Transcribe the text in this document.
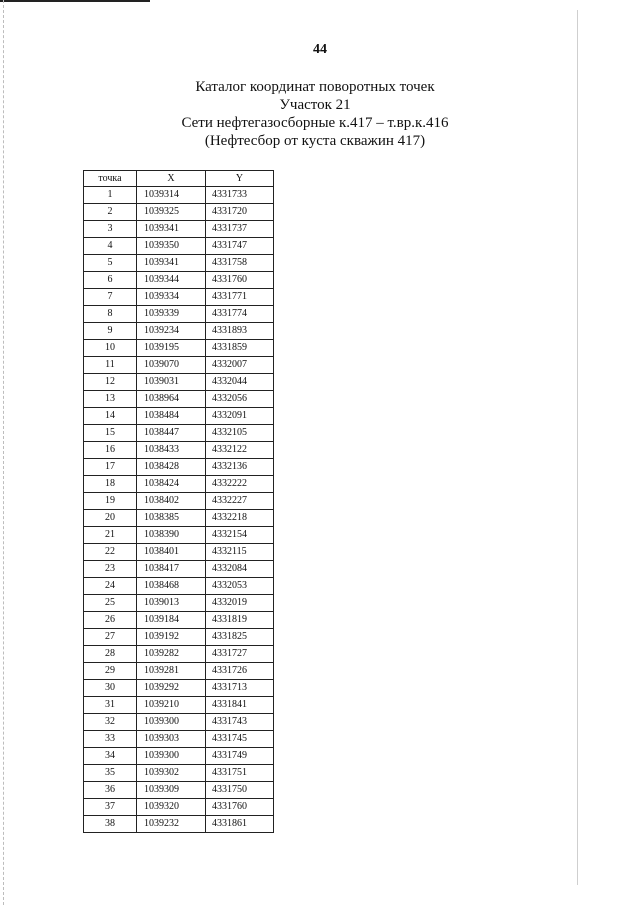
44
Каталог координат поворотных точек
Участок 21
Сети нефтегазосборные к.417 – т.вр.к.416
(Нефтесбор от куста скважин 417)
точка	X	Y
1	1039314	4331733
2	1039325	4331720
3	1039341	4331737
4	1039350	4331747
5	1039341	4331758
6	1039344	4331760
7	1039334	4331771
8	1039339	4331774
9	1039234	4331893
10	1039195	4331859
11	1039070	4332007
12	1039031	4332044
13	1038964	4332056
14	1038484	4332091
15	1038447	4332105
16	1038433	4332122
17	1038428	4332136
18	1038424	4332222
19	1038402	4332227
20	1038385	4332218
21	1038390	4332154
22	1038401	4332115
23	1038417	4332084
24	1038468	4332053
25	1039013	4332019
26	1039184	4331819
27	1039192	4331825
28	1039282	4331727
29	1039281	4331726
30	1039292	4331713
31	1039210	4331841
32	1039300	4331743
33	1039303	4331745
34	1039300	4331749
35	1039302	4331751
36	1039309	4331750
37	1039320	4331760
38	1039232	4331861
